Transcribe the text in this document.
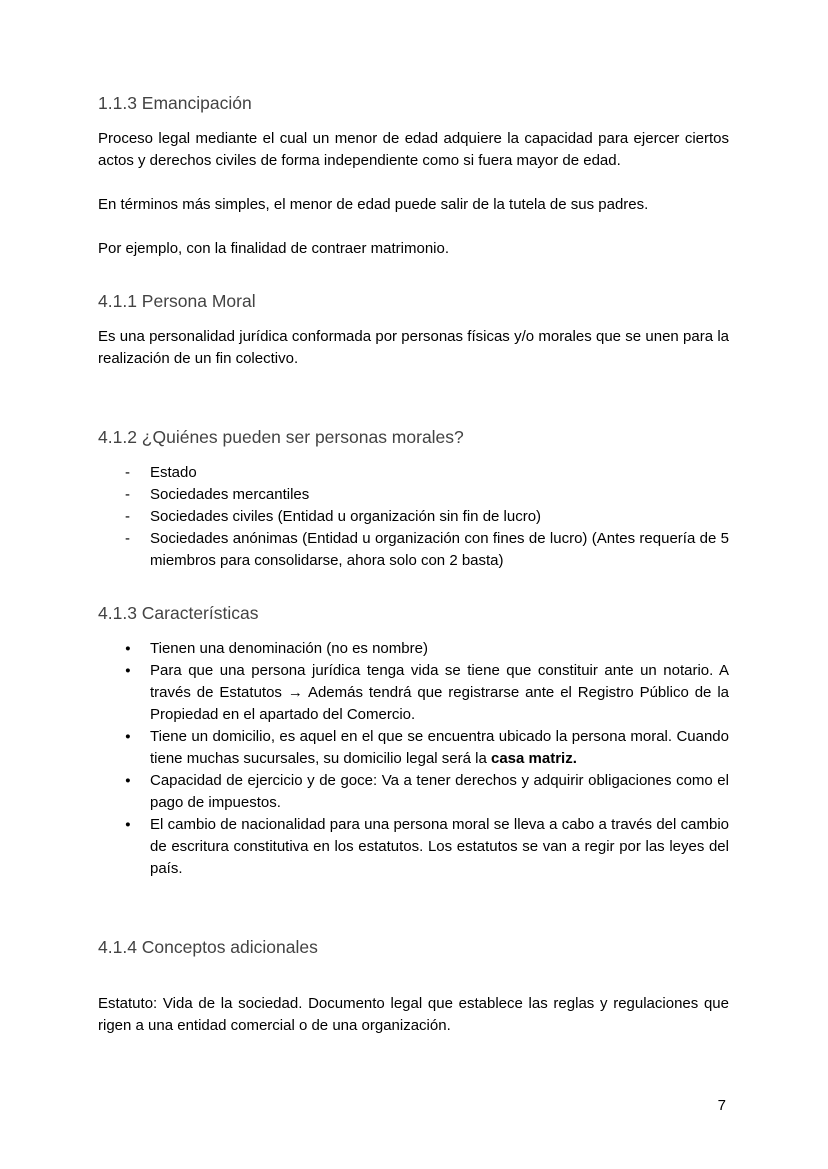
1.1.3 Emancipación

Proceso legal mediante el cual un menor de edad adquiere la capacidad para ejercer ciertos actos y derechos civiles de forma independiente como si fuera mayor de edad.

En términos más simples, el menor de edad puede salir de la tutela de sus padres.

Por ejemplo, con la finalidad de contraer matrimonio.

4.1.1 Persona Moral

Es una personalidad jurídica conformada por personas físicas y/o morales que se unen para la realización de un fin colectivo.

4.1.2 ¿Quiénes pueden ser personas morales?
-	Estado
-	Sociedades mercantiles
-	Sociedades civiles (Entidad u organización sin fin de lucro)
-	Sociedades anónimas (Entidad u organización con fines de lucro) (Antes requería de 5 miembros para consolidarse, ahora solo con 2 basta)
4.1.3 Características
●	Tienen una denominación (no es nombre)
●	Para que una persona jurídica tenga vida se tiene que constituir ante un notario. A través de Estatutos → Además tendrá que registrarse ante el Registro Público de la Propiedad en el apartado del Comercio.
●	Tiene un domicilio, es aquel en el que se encuentra ubicado la persona moral. Cuando tiene muchas sucursales, su domicilio legal será la casa matriz.
●	Capacidad de ejercicio y de goce: Va a tener derechos y adquirir obligaciones como el pago de impuestos.
●	El cambio de nacionalidad para una persona moral se lleva a cabo a través del cambio de escritura constitutiva en los estatutos. Los estatutos se van a regir por las leyes del país.
4.1.4 Conceptos adicionales

Estatuto: Vida de la sociedad. Documento legal que establece las reglas y regulaciones que rigen a una entidad comercial o de una organización.

7
